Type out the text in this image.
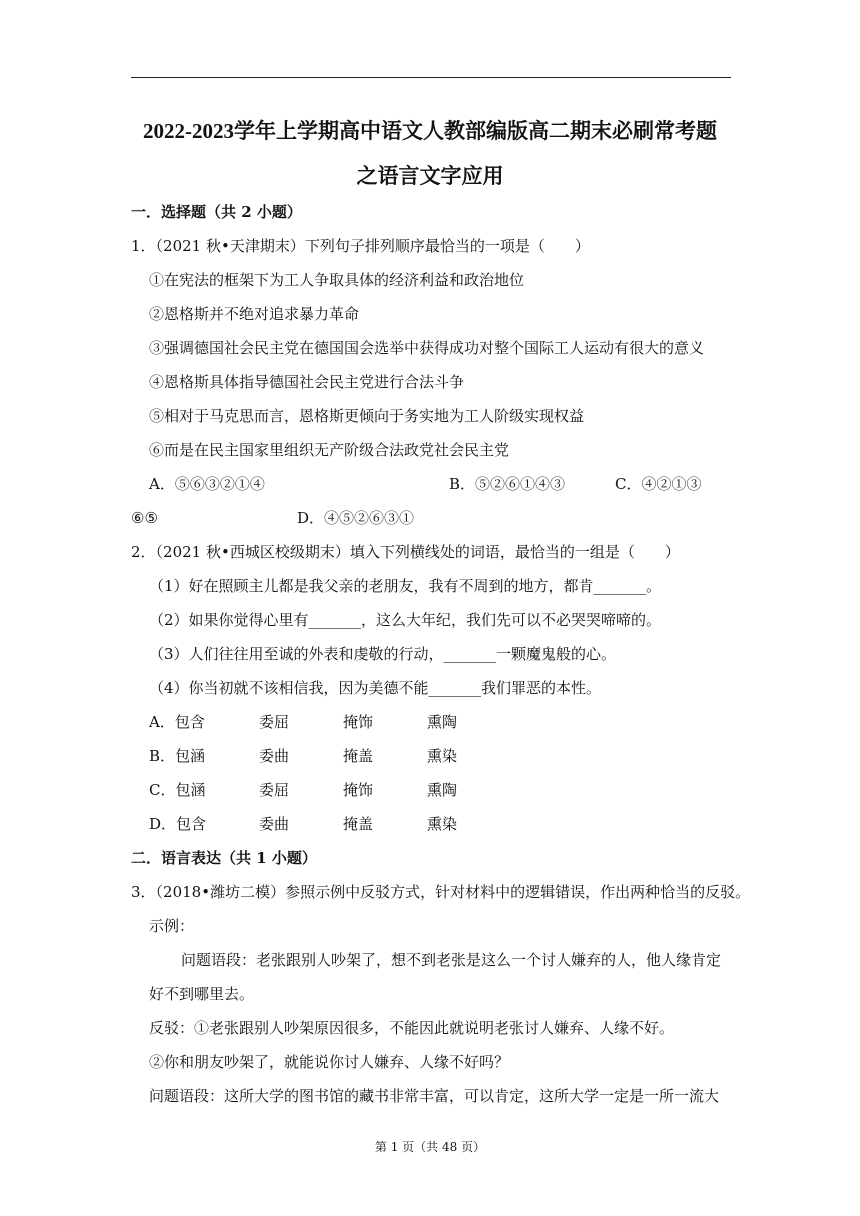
2022-2023学年上学期高中语文人教部编版高二期末必刷常考题
之语言文字应用
一．选择题（共 2 小题）
1．（2021 秋•天津期末）下列句子排列顺序最恰当的一项是（　　）
①在宪法的框架下为工人争取具体的经济利益和政治地位
②恩格斯并不绝对追求暴力革命
③强调德国社会民主党在德国国会选举中获得成功对整个国际工人运动有很大的意义
④恩格斯具体指导德国社会民主党进行合法斗争
⑤相对于马克思而言，恩格斯更倾向于务实地为工人阶级实现权益
⑥而是在民主国家里组织无产阶级合法政党社会民主党
A．⑤⑥③②①④	B．⑤②⑥①④③	C．④②①③
⑥⑤	D．④⑤②⑥③①
2．（2021 秋•西城区校级期末）填入下列横线处的词语，最恰当的一组是（　　）
（1）好在照顾主儿都是我父亲的老朋友，我有不周到的地方，都肯_______。
（2）如果你觉得心里有_______，这么大年纪，我们先可以不必哭哭啼啼的。
（3）人们往往用至诚的外表和虔敬的行动，_______一颗魔鬼般的心。
（4）你当初就不该相信我，因为美德不能_______我们罪恶的本性。
A．包含	委屈	掩饰	熏陶
B．包涵	委曲	掩盖	熏染
C．包涵	委屈	掩饰	熏陶
D．包含	委曲	掩盖	熏染
二．语言表达（共 1 小题）
3．（2018•潍坊二模）参照示例中反驳方式，针对材料中的逻辑错误，作出两种恰当的反驳。
示例：
问题语段：老张跟别人吵架了，想不到老张是这么一个讨人嫌弃的人，他人缘肯定
好不到哪里去。
反驳：①老张跟别人吵架原因很多，不能因此就说明老张讨人嫌弃、人缘不好。
②你和朋友吵架了，就能说你讨人嫌弃、人缘不好吗？
问题语段：这所大学的图书馆的藏书非常丰富，可以肯定，这所大学一定是一所一流大
第 1 页（共 48 页）
